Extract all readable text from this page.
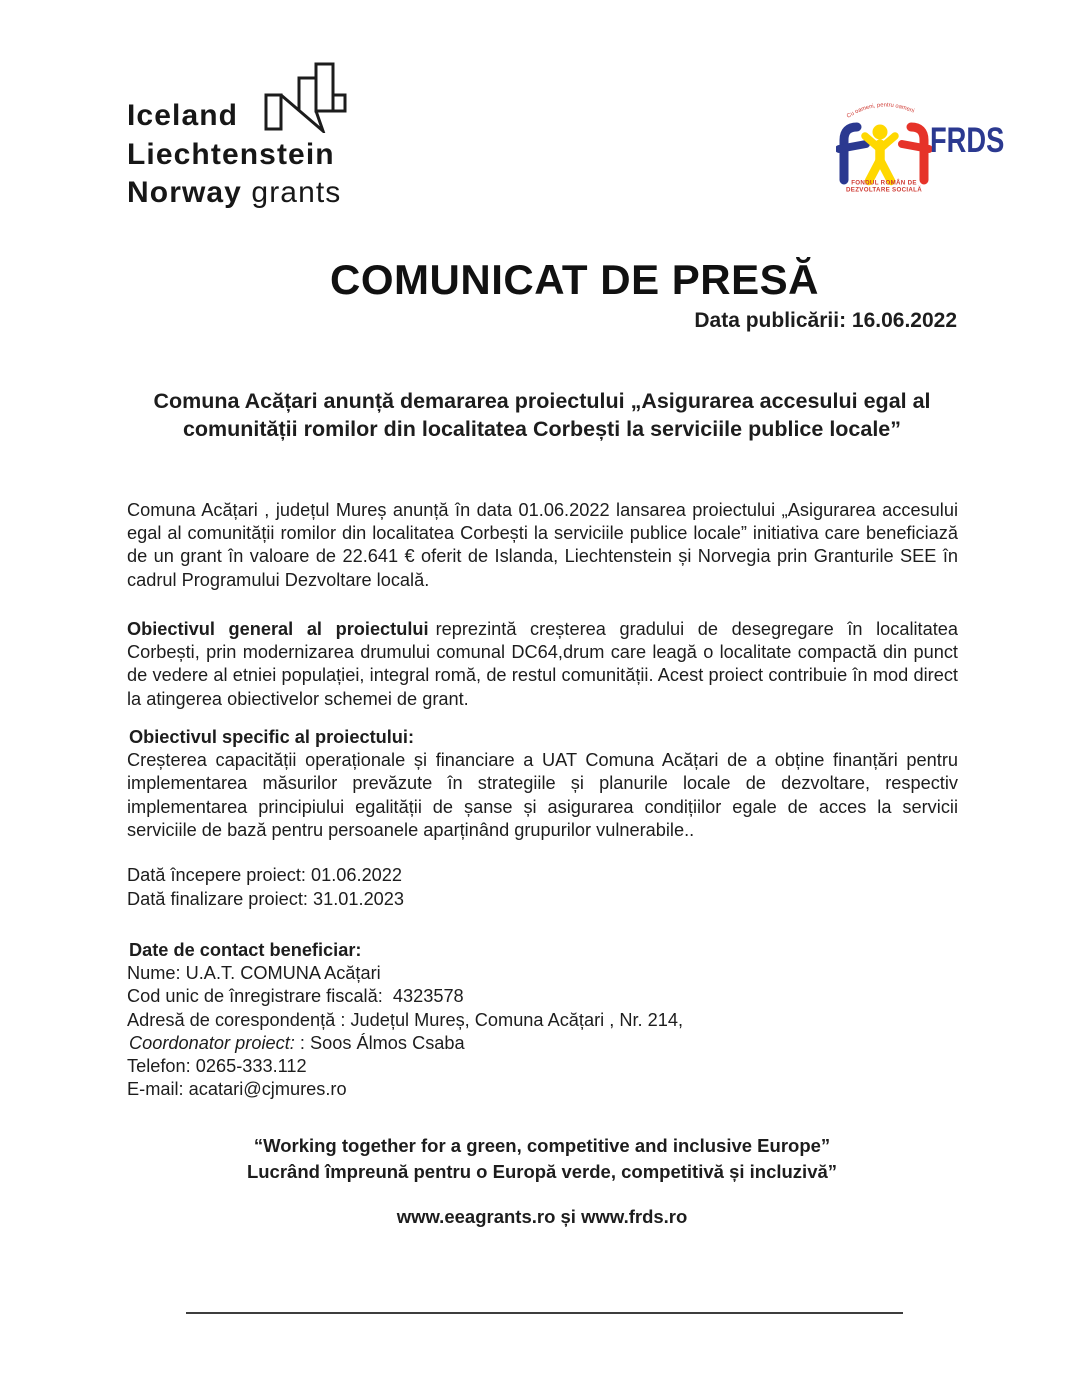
Iceland
Liechtenstein
Norway grants
Cu oameni, pentru oameni
FRDS
FONDUL ROMÂN DE
DEZVOLTARE SOCIALĂ
COMUNICAT DE PRESĂ
Data publicării: 16.06.2022
Comuna Acățari anunță demararea proiectului „Asigurarea accesului egal al comunității romilor din localitatea Corbești la serviciile publice locale”

Comuna Acățari , județul Mureș anunță în data 01.06.2022 lansarea proiectului „Asigurarea accesului egal al comunității romilor din localitatea Corbești la serviciile publice locale” initiativa care beneficiază de un grant în valoare de 22.641 € oferit de Islanda, Liechtenstein și Norvegia prin Granturile SEE în cadrul Programului Dezvoltare locală.

Obiectivul general al proiectului reprezintă creșterea gradului de desegregare în localitatea Corbești, prin modernizarea drumului comunal DC64,drum care leagă o localitate compactă din punct de vedere al etniei populației, integral romă, de restul comunității. Acest proiect contribuie în mod direct la atingerea obiectivelor schemei de grant.

Obiectivul specific al proiectului:
Creșterea capacității operaționale și financiare a UAT Comuna Acățari de a obține finanțări pentru implementarea măsurilor prevăzute în strategiile și planurile locale de dezvoltare, respectiv implementarea principiului egalității de șanse și asigurarea condițiilor egale de acces la servicii serviciile de bază pentru persoanele aparținând grupurilor vulnerabile..

Dată începere proiect: 01.06.2022
Dată finalizare proiect: 31.01.2023
Date de contact beneficiar:
Nume: U.A.T. COMUNA Acățari
Cod unic de înregistrare fiscală:  4323578
Adresă de corespondență : Județul Mureș, Comuna Acățari , Nr. 214,
Coordonator proiect: : Soos Álmos Csaba
Telefon: 0265-333.112
E-mail: acatari@cjmures.ro
“Working together for a green, competitive and inclusive Europe”
Lucrând împreună pentru o Europă verde, competitivă și incluzivă”
www.eeagrants.ro și www.frds.ro
